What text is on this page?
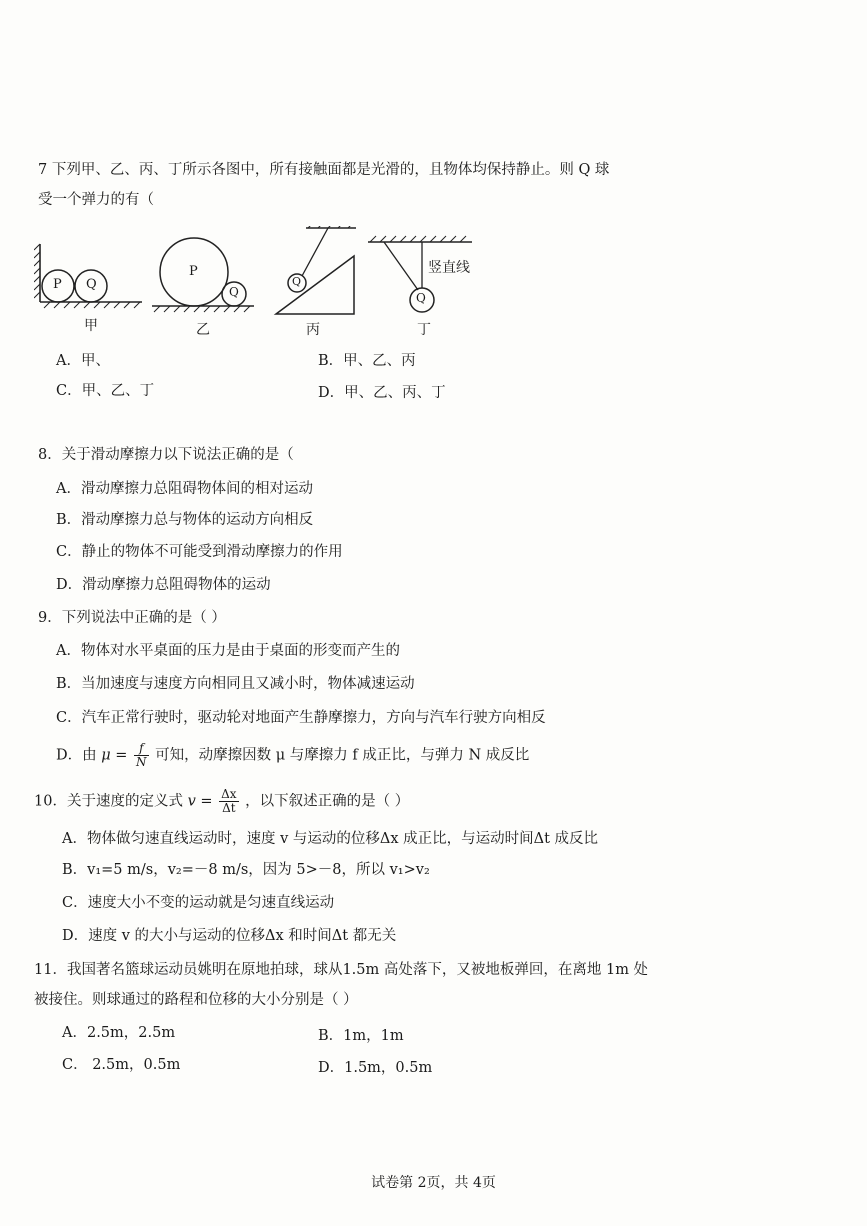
7 下列甲、乙、丙、丁所示各图中，所有接触面都是光滑的，且物体均保持静止。则 Q 球
受一个弹力的有（
P Q
甲
P
Q
乙
Q
丙
Q
竖直线
丁
A．甲、	B．甲、乙、丙
C．甲、乙、丁	D．甲、乙、丙、丁
8．关于滑动摩擦力以下说法正确的是（
A．滑动摩擦力总阻碍物体间的相对运动
B．滑动摩擦力总与物体的运动方向相反
C．静止的物体不可能受到滑动摩擦力的作用
D．滑动摩擦力总阻碍物体的运动
9．下列说法中正确的是（ ）
A．物体对水平桌面的压力是由于桌面的形变而产生的
B．当加速度与速度方向相同且又减小时，物体减速运动
C．汽车正常行驶时，驱动轮对地面产生静摩擦力，方向与汽车行驶方向相反
D．由 $\mu = \frac{f}{N}$ 可知，动摩擦因数 μ 与摩擦力 f 成正比，与弹力 N 成反比
10．关于速度的定义式 $v = \frac{\Delta x}{\Delta t}$ ，以下叙述正确的是（ ）
A．物体做匀速直线运动时，速度 v 与运动的位移Δx 成正比，与运动时间Δt 成反比
B．v₁=5 m/s，v₂=－8 m/s，因为 5>－8，所以 v₁>v₂
C．速度大小不变的运动就是匀速直线运动
D．速度 v 的大小与运动的位移Δx 和时间Δt 都无关
11．我国著名篮球运动员姚明在原地拍球，球从1.5m 高处落下，又被地板弹回，在离地 1m 处
被接住。则球通过的路程和位移的大小分别是（ ）
A．2.5m，2.5m	B．1m，1m
C． 2.5m，0.5m	D．1.5m，0.5m
试卷第 2页，共 4页
